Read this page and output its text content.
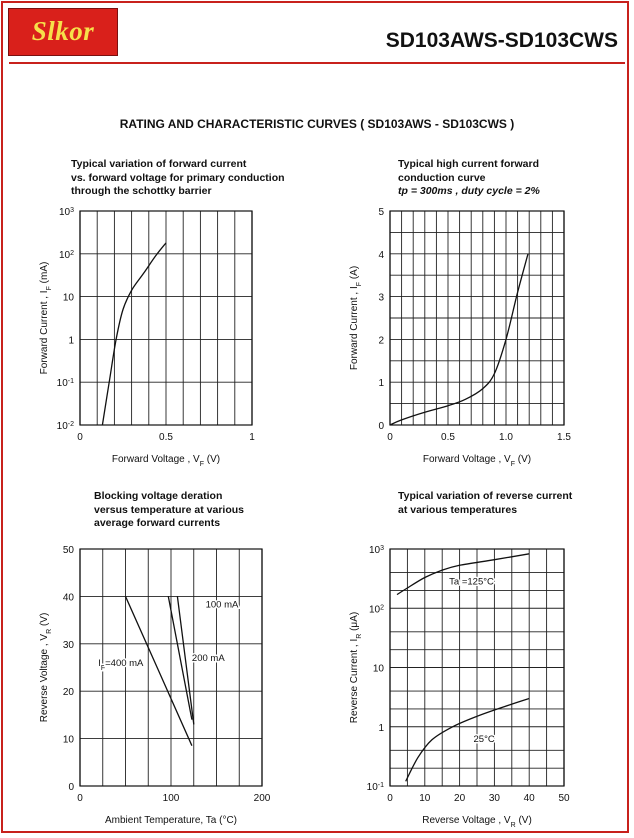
Slkor	SD103AWS-SD103CWS
RATING AND CHARACTERISTIC CURVES ( SD103AWS - SD103CWS )
Typical variation of forward current
vs. forward voltage for primary conduction
through the schottky barrier
Typical high current forward
conduction curve
tp = 300ms , duty cycle = 2%
Blocking voltage deration
versus temperature at various
average forward currents
Typical variation of reverse current
at various temperatures
0	0.5	1
$10^{-2}$
$10^{-1}$
1
10
$10^2$
$10^3$
Forward Voltage , $V_F$ (V)
Forward Current , $I_F$ (mA)
0	0.5	1.0	1.5
0
1
2
3
4
5
Forward Voltage , $V_F$ (V)
Forward Current , $I_F$ (A)
0	100	200
0
10
20
30
40
50
Ambient Temperature, Ta (°C)
Reverse Voltage , $V_R$ (V)
100 mA
200 mA
$I_F=400$ mA
0	10 20 30 40 50
$10^{-1}$
1
10
$10^2$
$10^3$
Reverse Voltage , $V_R$ (V)
Reverse Current , $I_R$ (μA)
Ta =125°C
25°C
